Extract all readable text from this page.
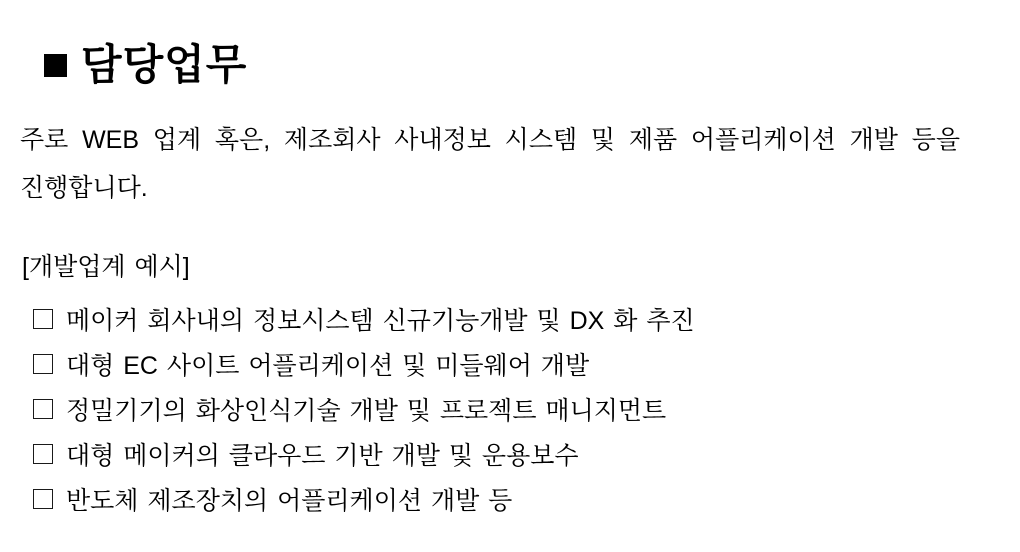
담당업무
주로 WEB 업계 혹은, 제조회사 사내정보 시스템 및 제품 어플리케이션 개발 등을
진행합니다.
[개발업계 예시]
메이커 회사내의 정보시스템 신규기능개발 및 DX 화 추진
대형 EC 사이트 어플리케이션 및 미들웨어 개발
정밀기기의 화상인식기술 개발 및 프로젝트 매니지먼트
대형 메이커의 클라우드 기반 개발 및 운용보수
반도체 제조장치의 어플리케이션 개발 등
